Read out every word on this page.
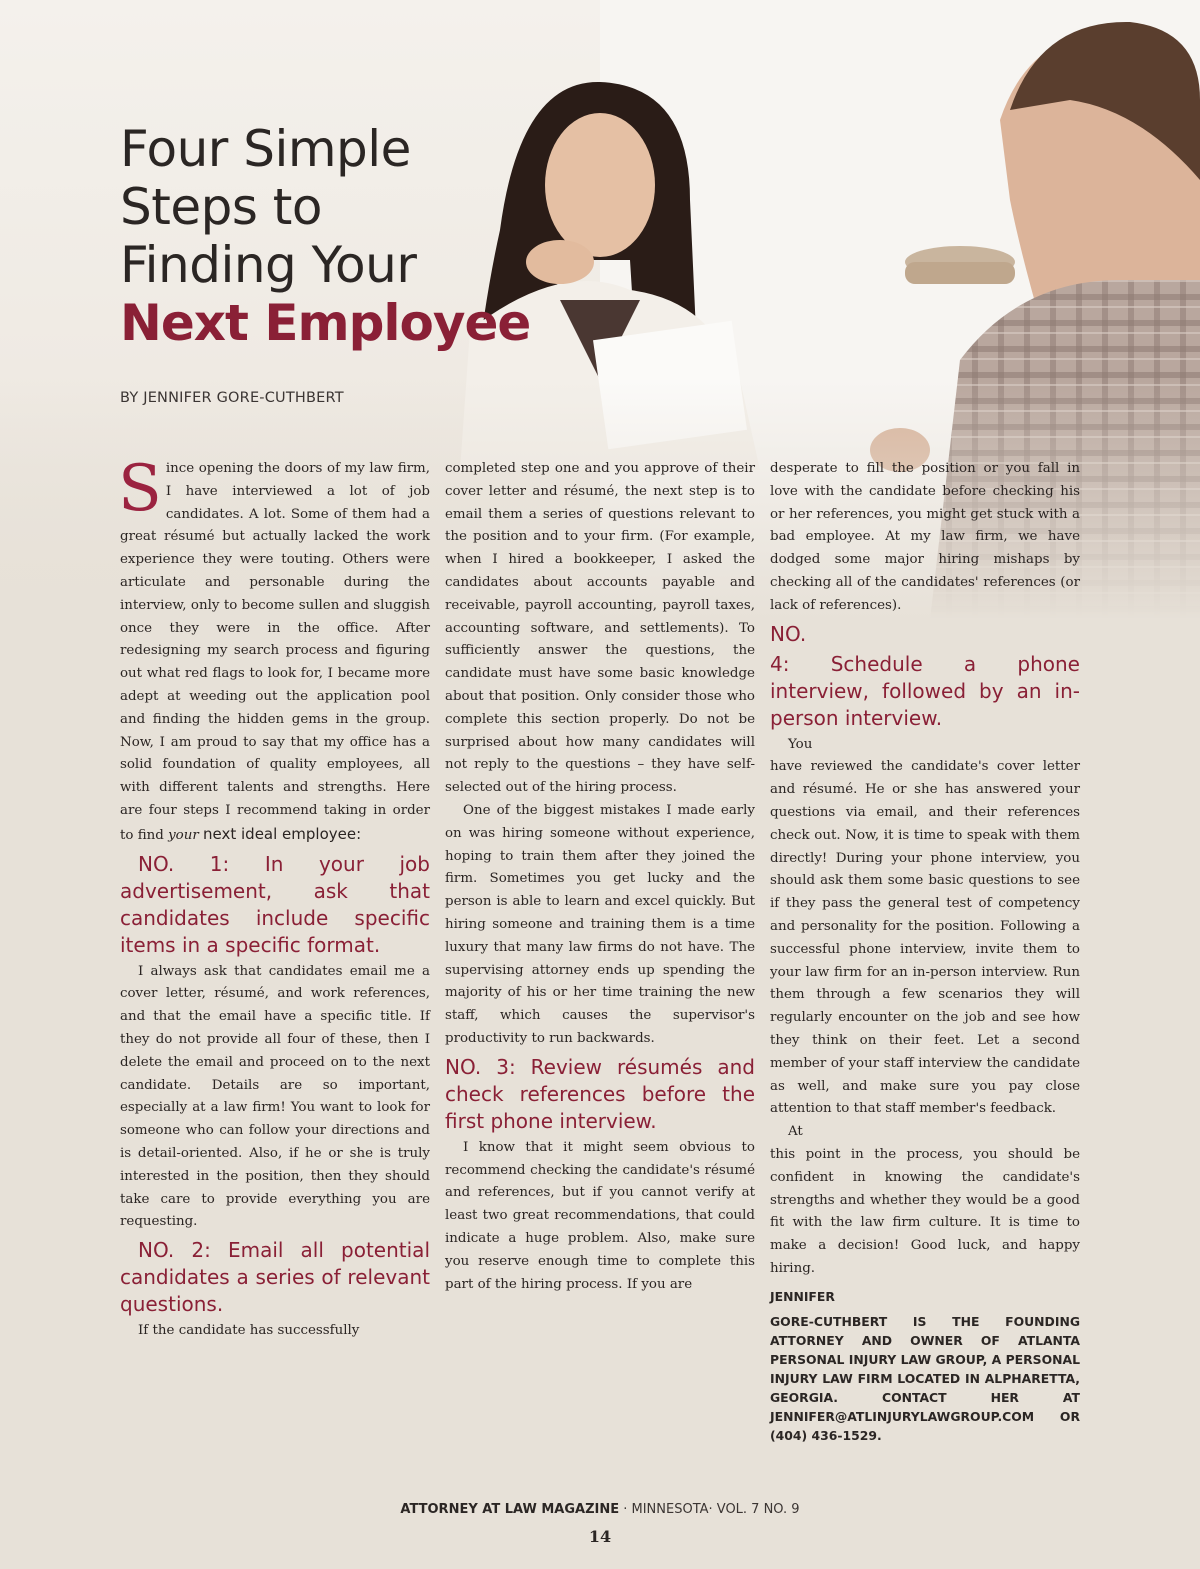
Four Simple
Steps to
Finding Your
Next Employee
BY JENNIFER GORE-CUTHBERT

Since opening the doors of my law firm, I have interviewed a lot of job candidates. A lot. Some of them had a great résumé but actually lacked the work experience they were touting. Others were articulate and personable during the interview, only to become sullen and sluggish once they were in the office. After redesigning my search process and figuring out what red flags to look for, I became more adept at weeding out the application pool and finding the hidden gems in the group. Now, I am proud to say that my office has a solid foundation of quality employees, all with different talents and strengths. Here are four steps I recommend taking in order to find your next ideal employee:

NO. 1: In your job advertisement, ask that candidates include specific items in a specific format.

I always ask that candidates email me a cover letter, résumé, and work references, and that the email have a specific title. If they do not provide all four of these, then I delete the email and proceed on to the next candidate. Details are so important, especially at a law firm! You want to look for someone who can follow your directions and is detail-oriented. Also, if he or she is truly interested in the position, then they should take care to provide everything you are requesting.

NO. 2: Email all potential candidates a series of relevant questions.

If the candidate has successfully

completed step one and you approve of their cover letter and résumé, the next step is to email them a series of questions relevant to the position and to your firm. (For example, when I hired a bookkeeper, I asked the candidates about accounts payable and receivable, payroll accounting, payroll taxes, accounting software, and settlements). To sufficiently answer the questions, the candidate must have some basic knowledge about that position. Only consider those who complete this section properly. Do not be surprised about how many candidates will not reply to the questions – they have self-selected out of the hiring process.

One of the biggest mistakes I made early on was hiring someone without experience, hoping to train them after they joined the firm. Sometimes you get lucky and the person is able to learn and excel quickly. But hiring someone and training them is a time luxury that many law firms do not have. The supervising attorney ends up spending the majority of his or her time training the new staff, which causes the supervisor's productivity to run backwards.

NO. 3: Review résumés and check references before the first phone interview.

I know that it might seem obvious to recommend checking the candidate's résumé and references, but if you cannot verify at least two great recommendations, that could indicate a huge problem. Also, make sure you reserve enough time to complete this part of the hiring process. If you are

desperate to fill the position or you fall in love with the candidate before checking his or her references, you might get stuck with a bad employee. At my law firm, we have dodged some major hiring mishaps by checking all of the candidates' references (or lack of references).

NO.
4: Schedule a phone interview, followed by an in-person interview.

You

have reviewed the candidate's cover letter and résumé. He or she has answered your questions via email, and their references check out. Now, it is time to speak with them directly! During your phone interview, you should ask them some basic questions to see if they pass the general test of competency and personality for the position. Following a successful phone interview, invite them to your law firm for an in-person interview. Run them through a few scenarios they will regularly encounter on the job and see how they think on their feet. Let a second member of your staff interview the candidate as well, and make sure you pay close attention to that staff member's feedback.

At

this point in the process, you should be confident in knowing the candidate's strengths and whether they would be a good fit with the law firm culture. It is time to make a decision! Good luck, and happy hiring.

JENNIFER
GORE-CUTHBERT IS THE FOUNDING ATTORNEY AND OWNER OF ATLANTA PERSONAL INJURY LAW GROUP, A PERSONAL INJURY LAW FIRM LOCATED IN ALPHARETTA, GEORGIA. CONTACT HER AT JENNIFER@ATLINJURYLAWGROUP.COM OR (404) 436-1529.
ATTORNEY AT LAW MAGAZINE · MINNESOTA· VOL. 7 NO. 9
14
